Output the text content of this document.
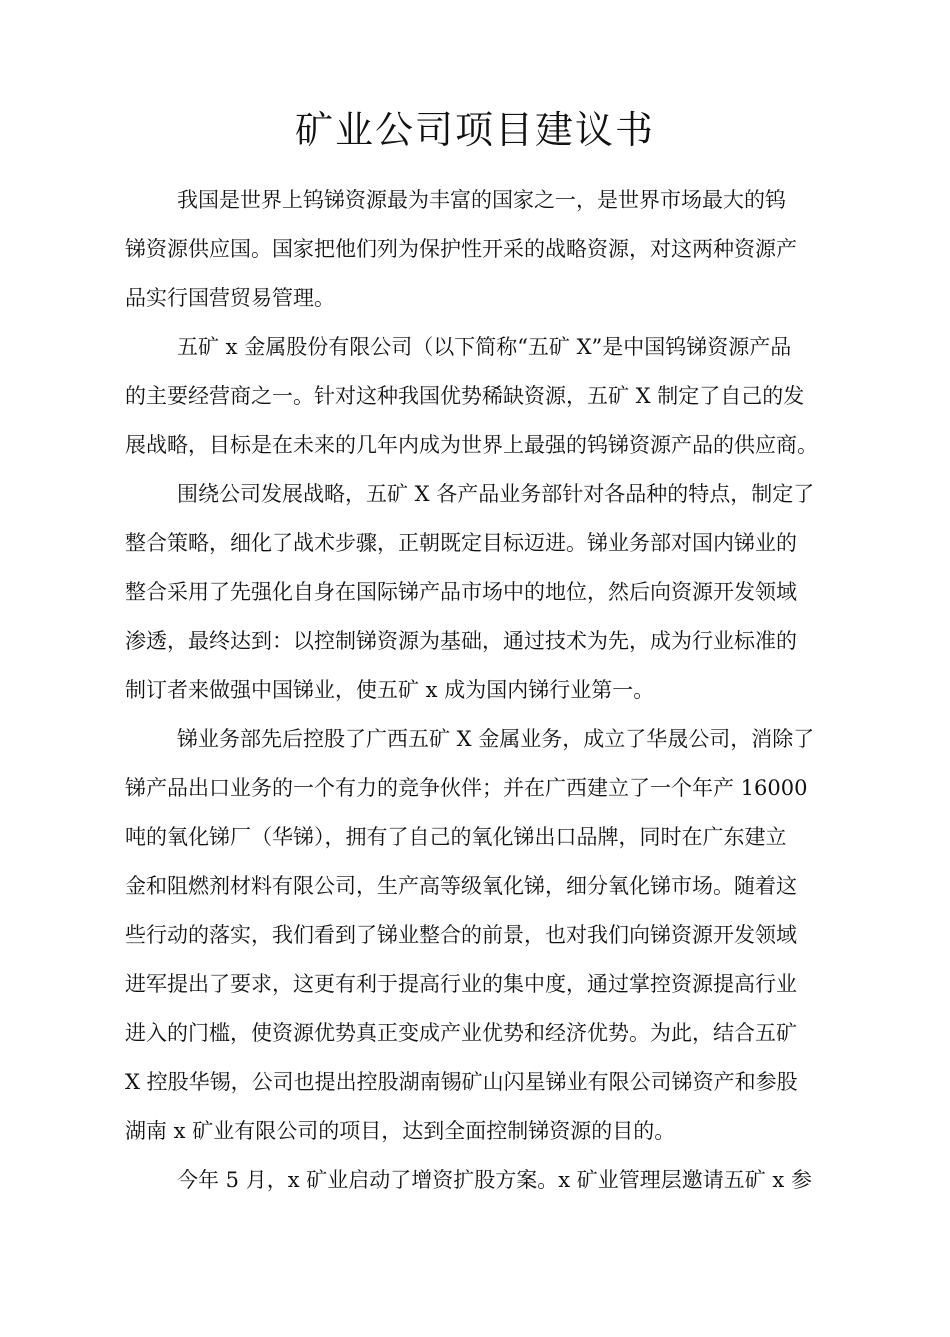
矿业公司项目建议书

我国是世界上钨锑资源最为丰富的国家之一，是世界市场最大的钨
锑资源供应国。国家把他们列为保护性开采的战略资源，对这两种资源产
品实行国营贸易管理。

五矿 x 金属股份有限公司（以下简称“五矿 X”是中国钨锑资源产品
的主要经营商之一。针对这种我国优势稀缺资源，五矿 X 制定了自己的发
展战略，目标是在未来的几年内成为世界上最强的钨锑资源产品的供应商。

围绕公司发展战略，五矿 X 各产品业务部针对各品种的特点，制定了
整合策略，细化了战术步骤，正朝既定目标迈进。锑业务部对国内锑业的
整合采用了先强化自身在国际锑产品市场中的地位，然后向资源开发领域
渗透，最终达到：以控制锑资源为基础，通过技术为先，成为行业标准的
制订者来做强中国锑业，使五矿 x 成为国内锑行业第一。

锑业务部先后控股了广西五矿 X 金属业务，成立了华晟公司，消除了
锑产品出口业务的一个有力的竞争伙伴；并在广西建立了一个年产 16000
吨的氧化锑厂（华锑），拥有了自己的氧化锑出口品牌，同时在广东建立
金和阻燃剂材料有限公司，生产高等级氧化锑，细分氧化锑市场。随着这
些行动的落实，我们看到了锑业整合的前景，也对我们向锑资源开发领域
进军提出了要求，这更有利于提高行业的集中度，通过掌控资源提高行业
进入的门槛，使资源优势真正变成产业优势和经济优势。为此，结合五矿
X 控股华锡，公司也提出控股湖南锡矿山闪星锑业有限公司锑资产和参股
湖南 x 矿业有限公司的项目，达到全面控制锑资源的目的。

今年 5 月，x 矿业启动了增资扩股方案。x 矿业管理层邀请五矿 x 参
